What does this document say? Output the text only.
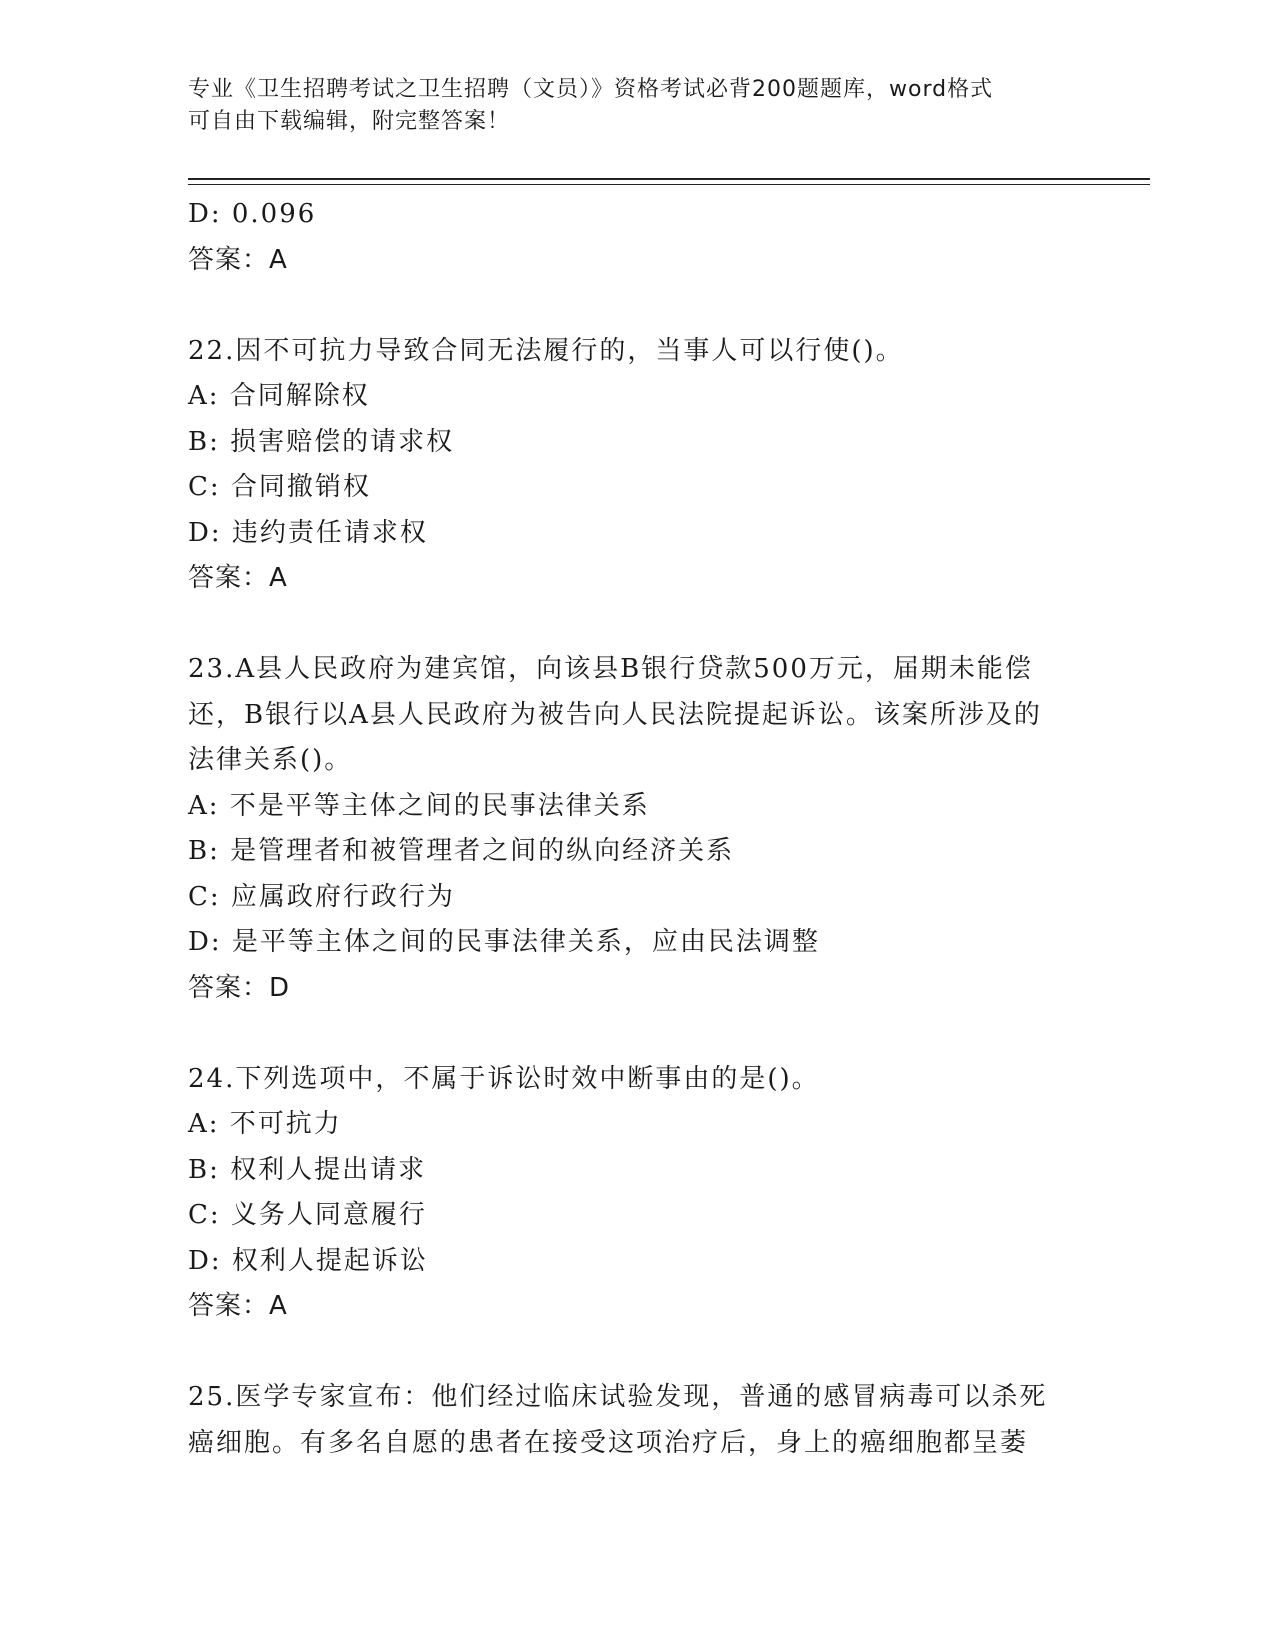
专业《卫生招聘考试之卫生招聘（文员）》资格考试必背200题题库，word格式
可自由下载编辑，附完整答案！

D: 0.096

答案：A

22.因不可抗力导致合同无法履行的，当事人可以行使()。

A: 合同解除权

B: 损害赔偿的请求权

C: 合同撤销权

D: 违约责任请求权

答案：A

23.A县人民政府为建宾馆，向该县B银行贷款500万元，届期未能偿

还，B银行以A县人民政府为被告向人民法院提起诉讼。该案所涉及的

法律关系()。

A: 不是平等主体之间的民事法律关系

B: 是管理者和被管理者之间的纵向经济关系

C: 应属政府行政行为

D: 是平等主体之间的民事法律关系，应由民法调整

答案：D

24.下列选项中，不属于诉讼时效中断事由的是()。

A: 不可抗力

B: 权利人提出请求

C: 义务人同意履行

D: 权利人提起诉讼

答案：A

25.医学专家宣布：他们经过临床试验发现，普通的感冒病毒可以杀死

癌细胞。有多名自愿的患者在接受这项治疗后，身上的癌细胞都呈萎
